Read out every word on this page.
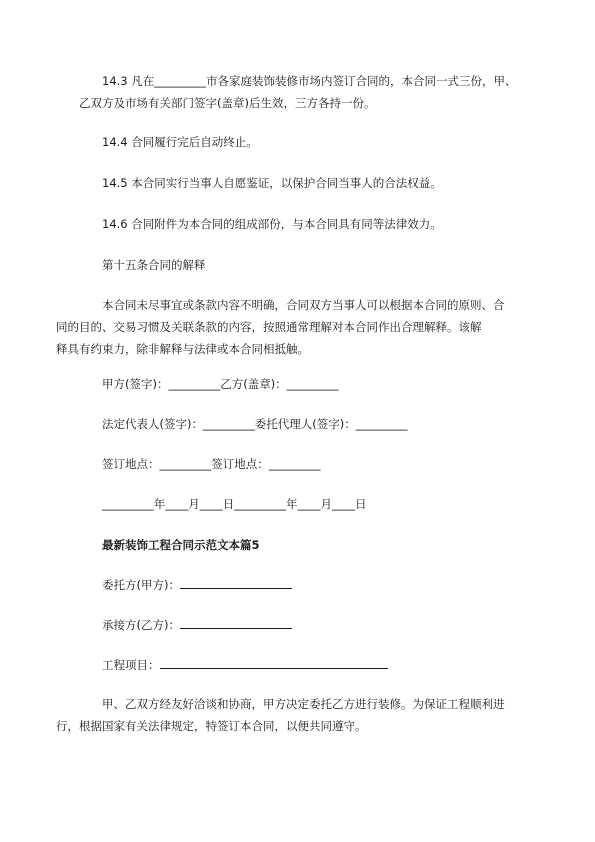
14.3 凡在_________市各家庭装饰装修市场内签订合同的，本合同一式三份，甲、
乙双方及市场有关部门签字(盖章)后生效，三方各持一份。

14.4 合同履行完后自动终止。

14.5 本合同实行当事人自愿鉴证，以保护合同当事人的合法权益。

14.6 合同附件为本合同的组成部份，与本合同具有同等法律效力。

第十五条合同的解释

本合同未尽事宜或条款内容不明确，合同双方当事人可以根据本合同的原则、合
同的目的、交易习惯及关联条款的内容，按照通常理解对本合同作出合理解释。该解
释具有约束力，除非解释与法律或本合同相抵触。

甲方(签字)：_________乙方(盖章)：_________

法定代表人(签字)：_________委托代理人(签字)：_________

签订地点：_________签订地点：_________

_________年____月____日_________年____月____日

最新装饰工程合同示范文本篇5

委托方(甲方)：

承接方(乙方)：

工程项目：

甲、乙双方经友好洽谈和协商，甲方决定委托乙方进行装修。为保证工程顺利进
行，根据国家有关法律规定，特签订本合同，以便共同遵守。
